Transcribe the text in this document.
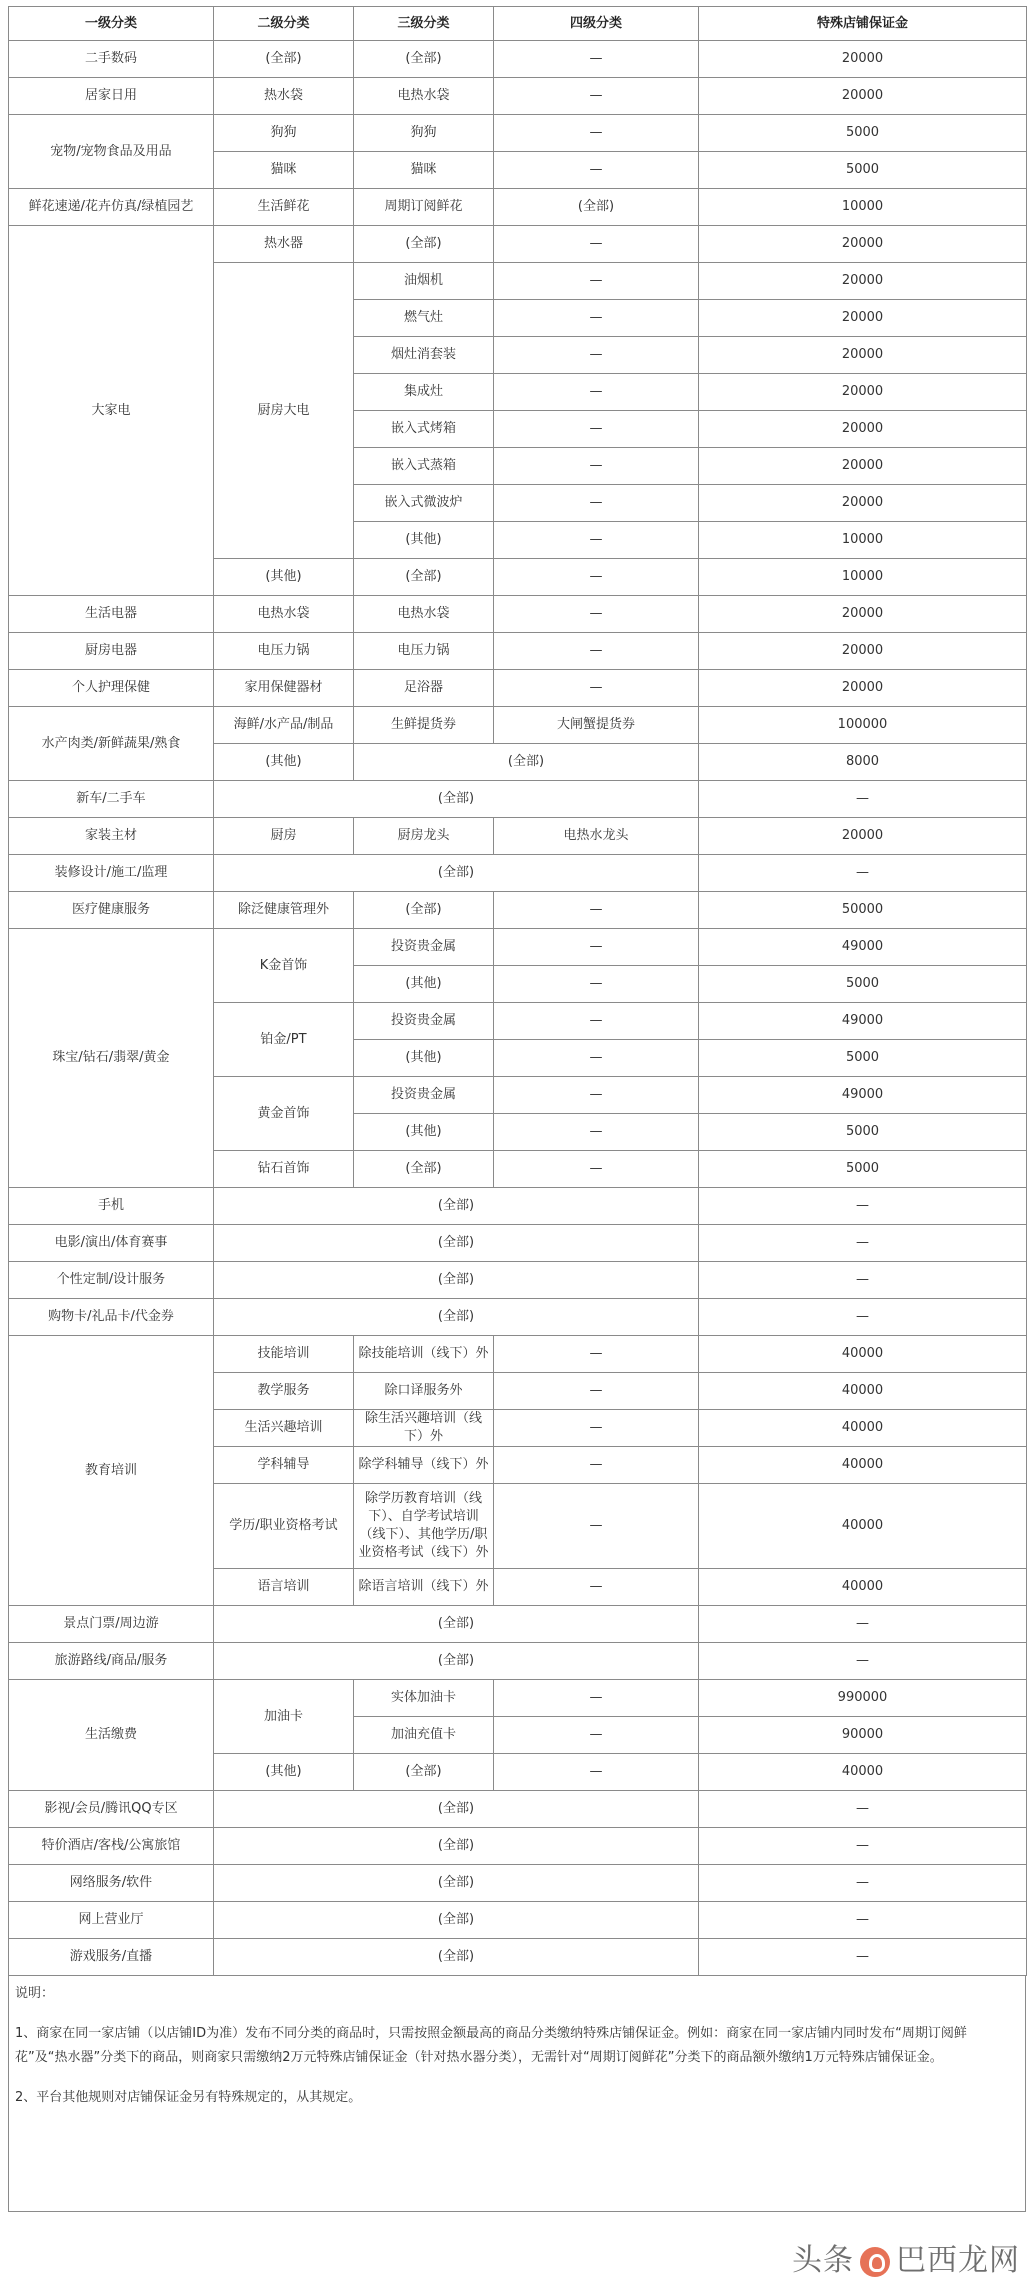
一级分类	二级分类	三级分类	四级分类	特殊店铺保证金	
二手数码	(全部)	(全部)	—	20000	
居家日用	热水袋	电热水袋	—	20000	
宠物/宠物食品及用品	狗狗	狗狗	—	5000	
	猫咪	猫咪	—	5000	
鲜花速递/花卉仿真/绿植园艺	生活鲜花	周期订阅鲜花	(全部)	10000	
大家电	热水器	(全部)	—	20000	
	厨房大电	油烟机	—	20000	
		燃气灶	—	20000	
		烟灶消套装	—	20000	
		集成灶	—	20000	
		嵌入式烤箱	—	20000	
		嵌入式蒸箱	—	20000	
		嵌入式微波炉	—	20000	
		(其他)	—	10000	
	(其他)	(全部)	—	10000	
生活电器	电热水袋	电热水袋	—	20000	
厨房电器	电压力锅	电压力锅	—	20000	
个人护理保健	家用保健器材	足浴器	—	20000	
水产肉类/新鲜蔬果/熟食	海鲜/水产品/制品	生鲜提货券	大闸蟹提货券	100000	
	(其他)	(全部)		8000	
新车/二手车	(全部)			—	
家装主材	厨房	厨房龙头	电热水龙头	20000	
装修设计/施工/监理	(全部)			—	
医疗健康服务	除泛健康管理外	(全部)	—	50000	
珠宝/钻石/翡翠/黄金	K金首饰	投资贵金属	—	49000	
		(其他)	—	5000	
	铂金/PT	投资贵金属	—	49000	
		(其他)	—	5000	
	黄金首饰	投资贵金属	—	49000	
		(其他)	—	5000	
	钻石首饰	(全部)	—	5000	
手机	(全部)			—	
电影/演出/体育赛事	(全部)			—	
个性定制/设计服务	(全部)			—	
购物卡/礼品卡/代金券	(全部)			—	
教育培训	技能培训	除技能培训（线下）外	—	40000	
	教学服务	除口译服务外	—	40000	
	生活兴趣培训	除生活兴趣培训（线下）外	—	40000	
	学科辅导	除学科辅导（线下）外	—	40000	
	学历/职业资格考试	除学历教育培训（线下）、自学考试培训（线下）、其他学历/职业资格考试（线下）外	—	40000	
	语言培训	除语言培训（线下）外	—	40000	
景点门票/周边游	(全部)			—	
旅游路线/商品/服务	(全部)			—	
生活缴费	加油卡	实体加油卡	—	990000	
		加油充值卡	—	90000	
	(其他)	(全部)	—	40000	
影视/会员/腾讯QQ专区	(全部)			—	
特价酒店/客栈/公寓旅馆	(全部)			—	
网络服务/软件	(全部)			—	
网上营业厅	(全部)			—	
游戏服务/直播	(全部)			—	

说明：

1、商家在同一家店铺（以店铺ID为准）发布不同分类的商品时，只需按照金额最高的商品分类缴纳特殊店铺保证金。例如：商家在同一家店铺内同时发布“周期订阅鲜花”及“热水器”分类下的商品，则商家只需缴纳2万元特殊店铺保证金（针对热水器分类），无需针对“周期订阅鲜花”分类下的商品额外缴纳1万元特殊店铺保证金。

2、平台其他规则对店铺保证金另有特殊规定的，从其规定。

头条 巴西龙网
